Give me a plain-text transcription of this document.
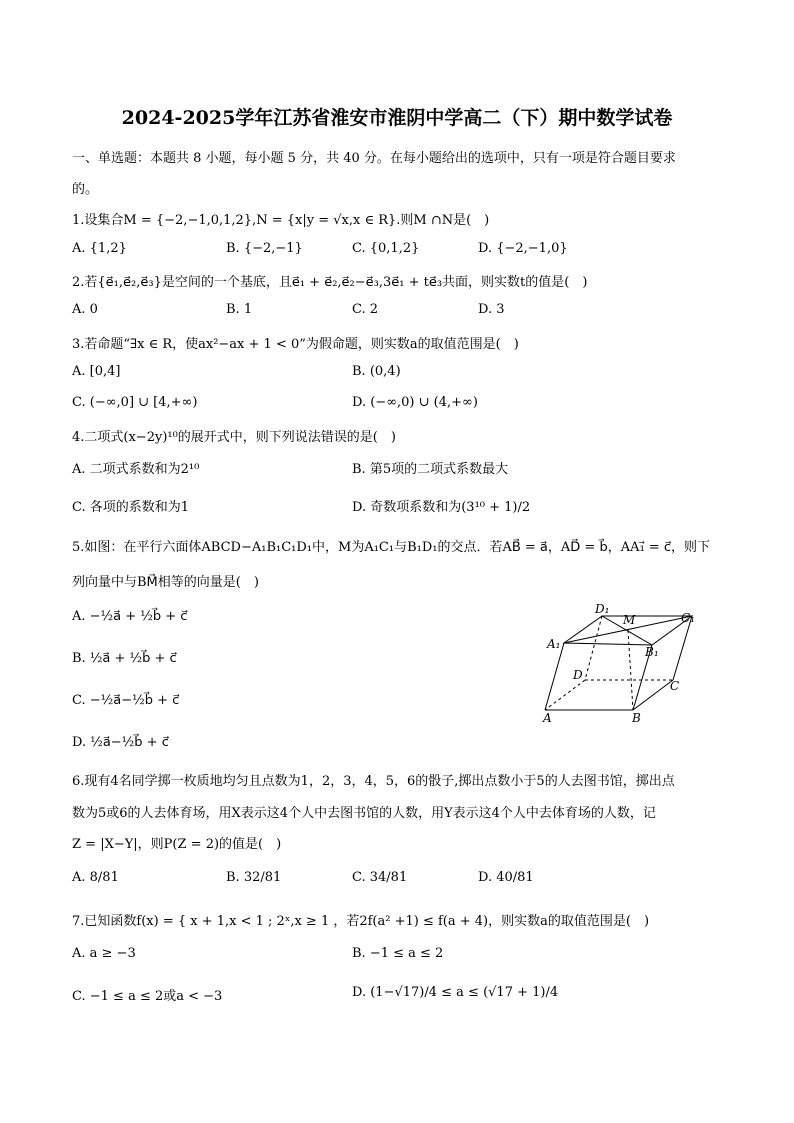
2024-2025学年江苏省淮安市淮阴中学高二（下）期中数学试卷
一、单选题：本题共 8 小题，每小题 5 分，共 40 分。在每小题给出的选项中，只有一项是符合题目要求
的。
1.设集合M = {−2,−1,0,1,2},N = {x|y = √x,x ∈ R}.则M ∩N是(　)
A. {1,2}	B. {−2,−1}	C. {0,1,2}	D. {−2,−1,0}
2.若{e⃗₁,e⃗₂,e⃗₃}是空间的一个基底，且e⃗₁ + e⃗₂,e⃗₂−e⃗₃,3e⃗₁ + te⃗₃共面，则实数t的值是(　)
A. 0	B. 1	C. 2	D. 3
3.若命题“∃x ∈ R，使ax²−ax + 1 < 0”为假命题，则实数a的取值范围是(　)
A. [0,4]	B. (0,4)
C. (−∞,0] ∪ [4,+∞)	D. (−∞,0) ∪ (4,+∞)
4.二项式(x−2y)¹⁰的展开式中，则下列说法错误的是(　)
A. 二项式系数和为2¹⁰	B. 第5项的二项式系数最大
C. 各项的系数和为1	D. 奇数项系数和为(3¹⁰ + 1)/2
5.如图：在平行六面体ABCD−A₁B₁C₁D₁中，M为A₁C₁与B₁D₁的交点．若AB⃗ = a⃗，AD⃗ = b⃗，AA₁⃗ = c⃗，则下
列向量中与BM⃗相等的向量是(　)
A. −½a⃗ + ½b⃗ + c⃗
B. ½a⃗ + ½b⃗ + c⃗
C. −½a⃗−½b⃗ + c⃗
D. ½a⃗−½b⃗ + c⃗
D₁
M	C₁
A₁
B₁
D
C
A	B
6.现有4名同学掷一枚质地均匀且点数为1，2，3，4，5，6的骰子,掷出点数小于5的人去图书馆，掷出点
数为5或6的人去体育场，用X表示这4个人中去图书馆的人数，用Y表示这4个人中去体育场的人数，记
Z = |X−Y|，则P(Z = 2)的值是(　)
A. 8/81	B. 32/81	C. 34/81	D. 40/81
7.已知函数f(x) = { x + 1,x < 1 ; 2ˣ,x ≥ 1 ，若2f(a² +1) ≤ f(a + 4)，则实数a的取值范围是(　)
A. a ≥ −3	B. −1 ≤ a ≤ 2
C. −1 ≤ a ≤ 2或a < −3	D. (1−√17)/4 ≤ a ≤ (√17 + 1)/4
